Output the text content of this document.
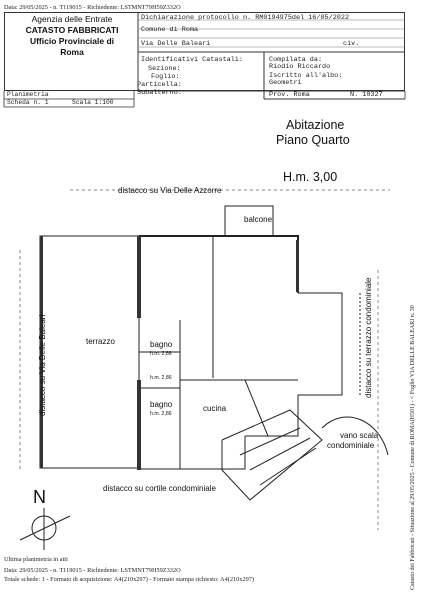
Data: 29/05/2025 - n. T119015 - Richiedente: LSTMNT79H59Z332O
Catasto dei Fabbricati - Situazione al 29/05/2025 - Comune di ROMA(H501) - < Foglio VIA DELLE BALEARI n. 30
Ultima planimetria in atti
Data: 29/05/2025 - n. T119015 - Richiedente: LSTMNT79H59Z332O
Totale schede: 1 - Formato di acquisizione: A4(210x297) - Formato stampa richiesto: A4(210x297)
Agenzia delle Entrate
CATASTO FABBRICATI
Ufficio Provinciale di
Roma
Dichiarazione protocollo n. RM0194975del 16/05/2022
Comune di Roma
Via Delle Baleari	civ.
Identificativi Catastali:
Sezione:
Foglio:
Particella:
Subalterno:
Compilata da:
Riodio Riccardo
Iscritto all'albo:
Geometri
Prov. Roma	N. 10327
Planimetria
Scheda n. 1	Scala 1:100
Abitazione
Piano Quarto
H.m. 3,00
distacco su Via Delle Azzorre
balcone
terrazzo	bagno
h.m. 2,86
h.m. 2,86
bagno
h.m. 2,86
cucina
vano scala
condominiale
distacco su cortile condominiale
N
distacco su Via Delle Baleari	distacco su terrazzo condominiale
